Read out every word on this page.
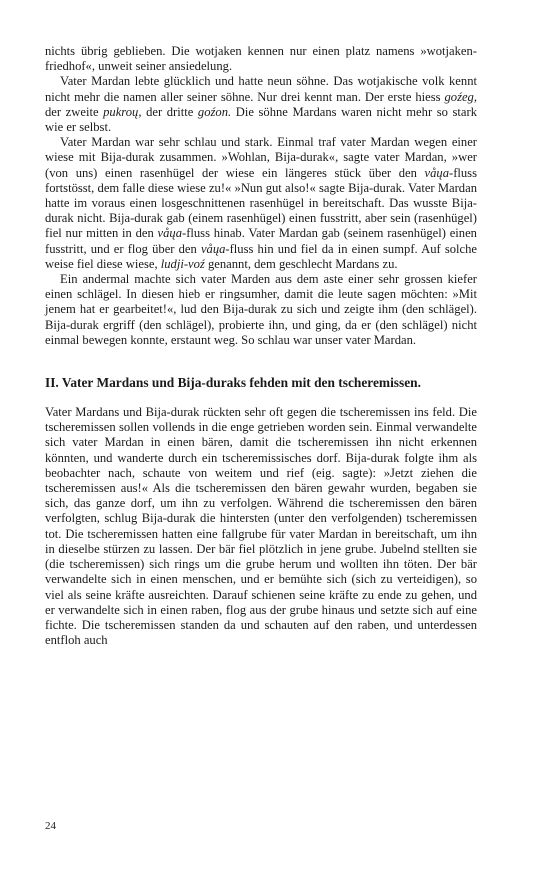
nichts übrig geblieben. Die wotjaken kennen nur einen platz namens »wotjaken-friedhof«, unweit seiner ansiedelung.

Vater Mardan lebte glücklich und hatte neun söhne. Das wotjakische volk kennt nicht mehr die namen aller seiner söhne. Nur drei kennt man. Der erste hiess goźeg, der zweite pukroų, der dritte goźon. Die söhne Mardans waren nicht mehr so stark wie er selbst.

Vater Mardan war sehr schlau und stark. Einmal traf vater Mardan wegen einer wiese mit Bija-durak zusammen. »Wohlan, Bija-durak«, sagte vater Mardan, »wer (von uns) einen rasenhügel der wiese ein längeres stück über den våųa-fluss fortstösst, dem falle diese wiese zu!« »Nun gut also!« sagte Bija-durak. Vater Mardan hatte im voraus einen losgeschnittenen rasenhügel in bereitschaft. Das wusste Bija-durak nicht. Bija-durak gab (einem rasenhügel) einen fusstritt, aber sein (rasenhügel) fiel nur mitten in den våųa-fluss hinab. Vater Mardan gab (seinem rasenhügel) einen fusstritt, und er flog über den våųa-fluss hin und fiel da in einen sumpf. Auf solche weise fiel diese wiese, ludji-voź genannt, dem geschlecht Mardans zu.

Ein andermal machte sich vater Marden aus dem aste einer sehr grossen kiefer einen schlägel. In diesen hieb er ringsumher, damit die leute sagen möchten: »Mit jenem hat er gearbeitet!«, lud den Bija-durak zu sich und zeigte ihm (den schlägel). Bija-durak ergriff (den schlägel), probierte ihn, und ging, da er (den schlägel) nicht einmal bewegen konnte, erstaunt weg. So schlau war unser vater Mardan.

II. Vater Mardans und Bija-duraks fehden mit den tscheremissen.

Vater Mardans und Bija-durak rückten sehr oft gegen die tscheremissen ins feld. Die tscheremissen sollen vollends in die enge getrieben worden sein. Einmal verwandelte sich vater Mardan in einen bären, damit die tscheremissen ihn nicht erkennen könnten, und wanderte durch ein tscheremissisches dorf. Bija-durak folgte ihm als beobachter nach, schaute von weitem und rief (eig. sagte): »Jetzt ziehen die tscheremissen aus!« Als die tscheremissen den bären gewahr wurden, begaben sie sich, das ganze dorf, um ihn zu verfolgen. Während die tscheremissen den bären verfolgten, schlug Bija-durak die hintersten (unter den verfolgenden) tscheremissen tot. Die tscheremissen hatten eine fallgrube für vater Mardan in bereitschaft, um ihn in dieselbe stürzen zu lassen. Der bär fiel plötzlich in jene grube. Jubelnd stellten sie (die tscheremissen) sich rings um die grube herum und wollten ihn töten. Der bär verwandelte sich in einen menschen, und er bemühte sich (sich zu verteidigen), so viel als seine kräfte ausreichten. Darauf schienen seine kräfte zu ende zu gehen, und er verwandelte sich in einen raben, flog aus der grube hinaus und setzte sich auf eine fichte. Die tscheremissen standen da und schauten auf den raben, und unterdessen entfloh auch

24
